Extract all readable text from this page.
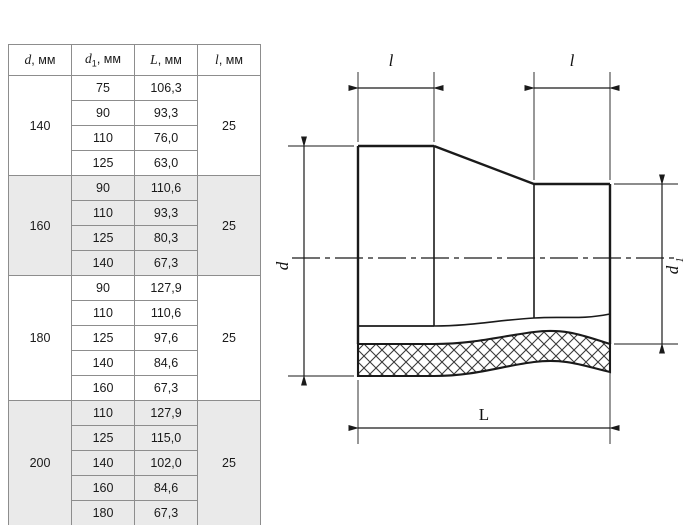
d, мм	$d_1$, мм	L, мм	l, мм
140	75	106,3	25
	90	93,3	
	110	76,0	
	125	63,0	
160	90	110,6	25
	110	93,3	
	125	80,3	
	140	67,3	
180	90	127,9	25
	110	110,6	
	125	97,6	
	140	84,6	
	160	67,3	
200	110	127,9	25
	125	115,0	
	140	102,0	
	160	84,6	
	180	67,3	
l	l
d	d
1
L
